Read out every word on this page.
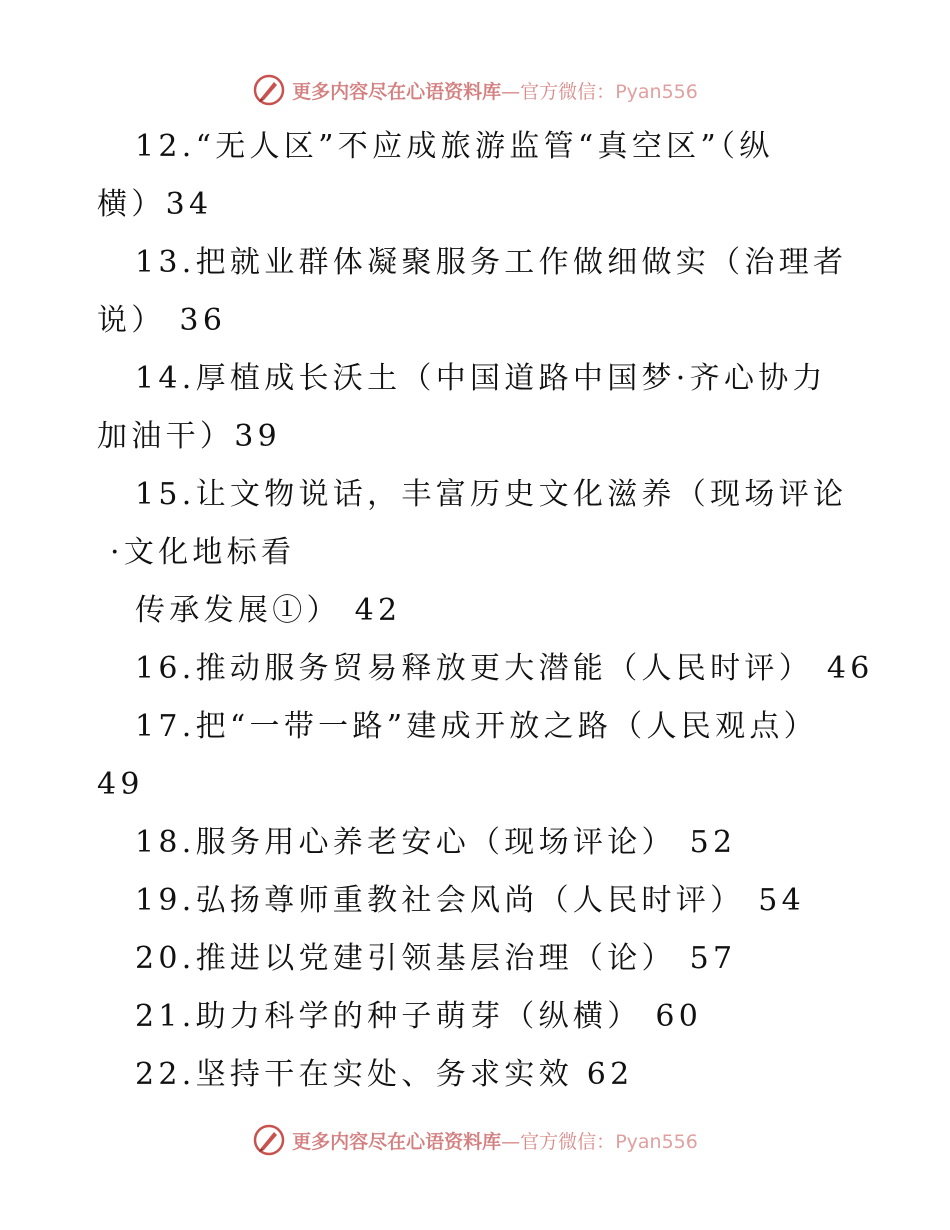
更多内容尽在心语资料库—官方微信：Pyan556
12.“无人区”不应成旅游监管“真空区”（纵
横）34
13.把就业群体凝聚服务工作做细做实（治理者
说） 36
14.厚植成长沃土（中国道路中国梦·齐心协力
加油干）39
15.让文物说话，丰富历史文化滋养（现场评论
·文化地标看
传承发展①） 42
16.推动服务贸易释放更大潜能（人民时评） 46
17.把“一带一路”建成开放之路（人民观点）
49
18.服务用心养老安心（现场评论） 52
19.弘扬尊师重教社会风尚（人民时评） 54
20.推进以党建引领基层治理（论） 57
21.助力科学的种子萌芽（纵横） 60
22.坚持干在实处、务求实效 62
更多内容尽在心语资料库—官方微信：Pyan556
